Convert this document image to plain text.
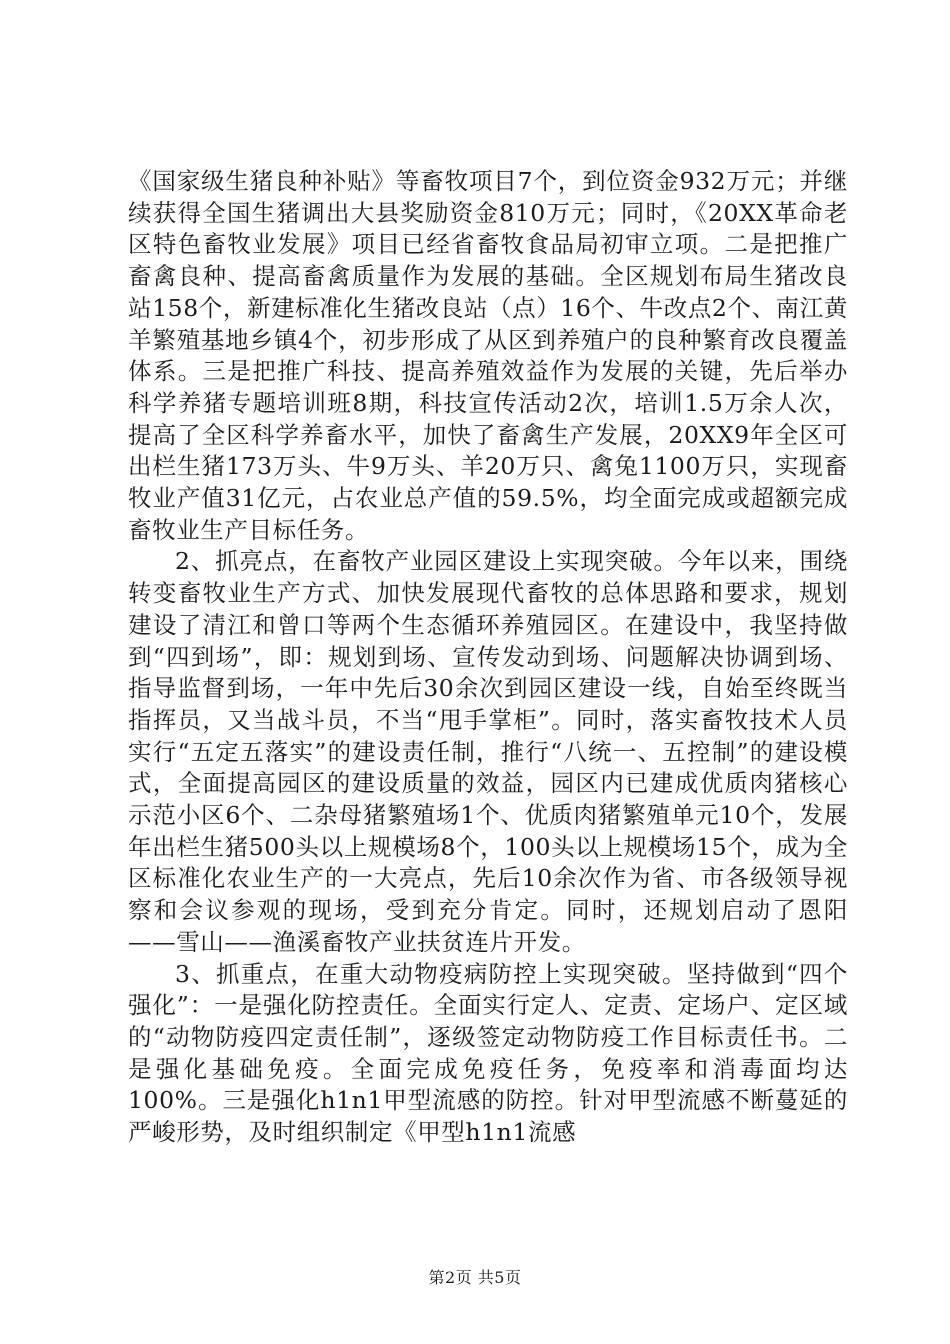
《国家级生猪良种补贴》等畜牧项目7个，到位资金932万元；并继续获得全国生猪调出大县奖励资金810万元；同时，《20XX革命老区特色畜牧业发展》项目已经省畜牧食品局初审立项。二是把推广畜禽良种、提高畜禽质量作为发展的基础。全区规划布局生猪改良站158个，新建标准化生猪改良站（点）16个、牛改点2个、南江黄羊繁殖基地乡镇4个，初步形成了从区到养殖户的良种繁育改良覆盖体系。三是把推广科技、提高养殖效益作为发展的关键，先后举办科学养猪专题培训班8期，科技宣传活动2次，培训1.5万余人次，提高了全区科学养畜水平，加快了畜禽生产发展，20XX9年全区可出栏生猪173万头、牛9万头、羊20万只、禽兔1100万只，实现畜牧业产值31亿元，占农业总产值的59.5%，均全面完成或超额完成畜牧业生产目标任务。

2、抓亮点，在畜牧产业园区建设上实现突破。今年以来，围绕转变畜牧业生产方式、加快发展现代畜牧的总体思路和要求，规划建设了清江和曾口等两个生态循环养殖园区。在建设中，我坚持做到“四到场”，即：规划到场、宣传发动到场、问题解决协调到场、指导监督到场，一年中先后30余次到园区建设一线，自始至终既当指挥员，又当战斗员，不当“甩手掌柜”。同时，落实畜牧技术人员实行“五定五落实”的建设责任制，推行“八统一、五控制”的建设模式，全面提高园区的建设质量的效益，园区内已建成优质肉猪核心示范小区6个、二杂母猪繁殖场1个、优质肉猪繁殖单元10个，发展年出栏生猪500头以上规模场8个，100头以上规模场15个，成为全区标准化农业生产的一大亮点，先后10余次作为省、市各级领导视察和会议参观的现场，受到充分肯定。同时，还规划启动了恩阳——雪山——渔溪畜牧产业扶贫连片开发。

3、抓重点，在重大动物疫病防控上实现突破。坚持做到“四个强化”：一是强化防控责任。全面实行定人、定责、定场户、定区域的“动物防疫四定责任制”，逐级签定动物防疫工作目标责任书。二是强化基础免疫。全面完成免疫任务，免疫率和消毒面均达100%。三是强化h1n1甲型流感的防控。针对甲型流感不断蔓延的严峻形势，及时组织制定《甲型h1n1流感

第2页 共5页
